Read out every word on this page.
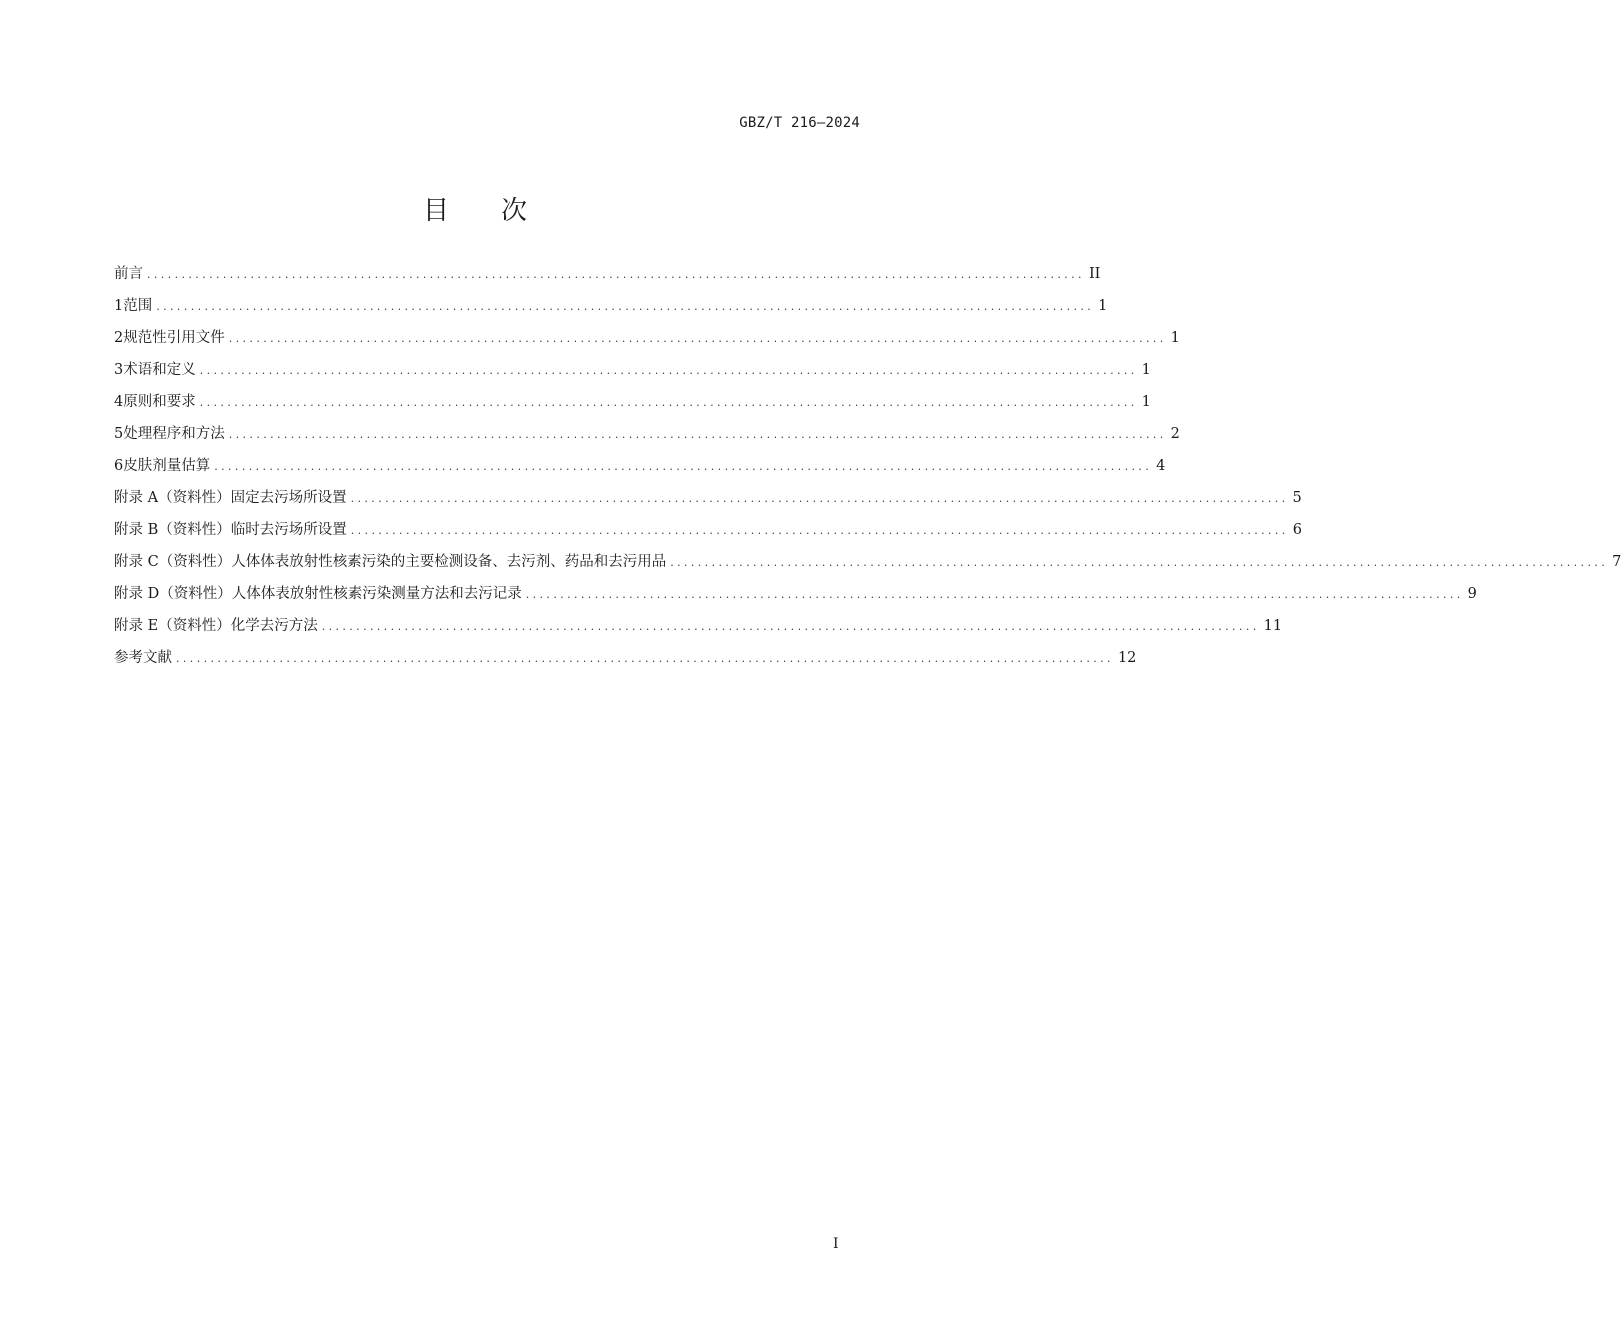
GBZ/T 216—2024
目 次
前言 ........................................................................................................................................ II
1 范围 ........................................................................................................................................ 1
2 规范性引用文件 ........................................................................................................................................ 1
3 术语和定义 ........................................................................................................................................ 1
4 原则和要求 ........................................................................................................................................ 1
5 处理程序和方法 ........................................................................................................................................ 2
6 皮肤剂量估算 ........................................................................................................................................ 4
附录 A（资料性） 固定去污场所设置 ........................................................................................................................................ 5
附录 B（资料性） 临时去污场所设置 ........................................................................................................................................ 6
附录 C（资料性） 人体体表放射性核素污染的主要检测设备、去污剂、药品和去污用品 ........................................................................................................................................ 7
附录 D（资料性） 人体体表放射性核素污染测量方法和去污记录 ........................................................................................................................................ 9
附录 E（资料性） 化学去污方法 ........................................................................................................................................ 11
参考文献 ........................................................................................................................................ 12
I
